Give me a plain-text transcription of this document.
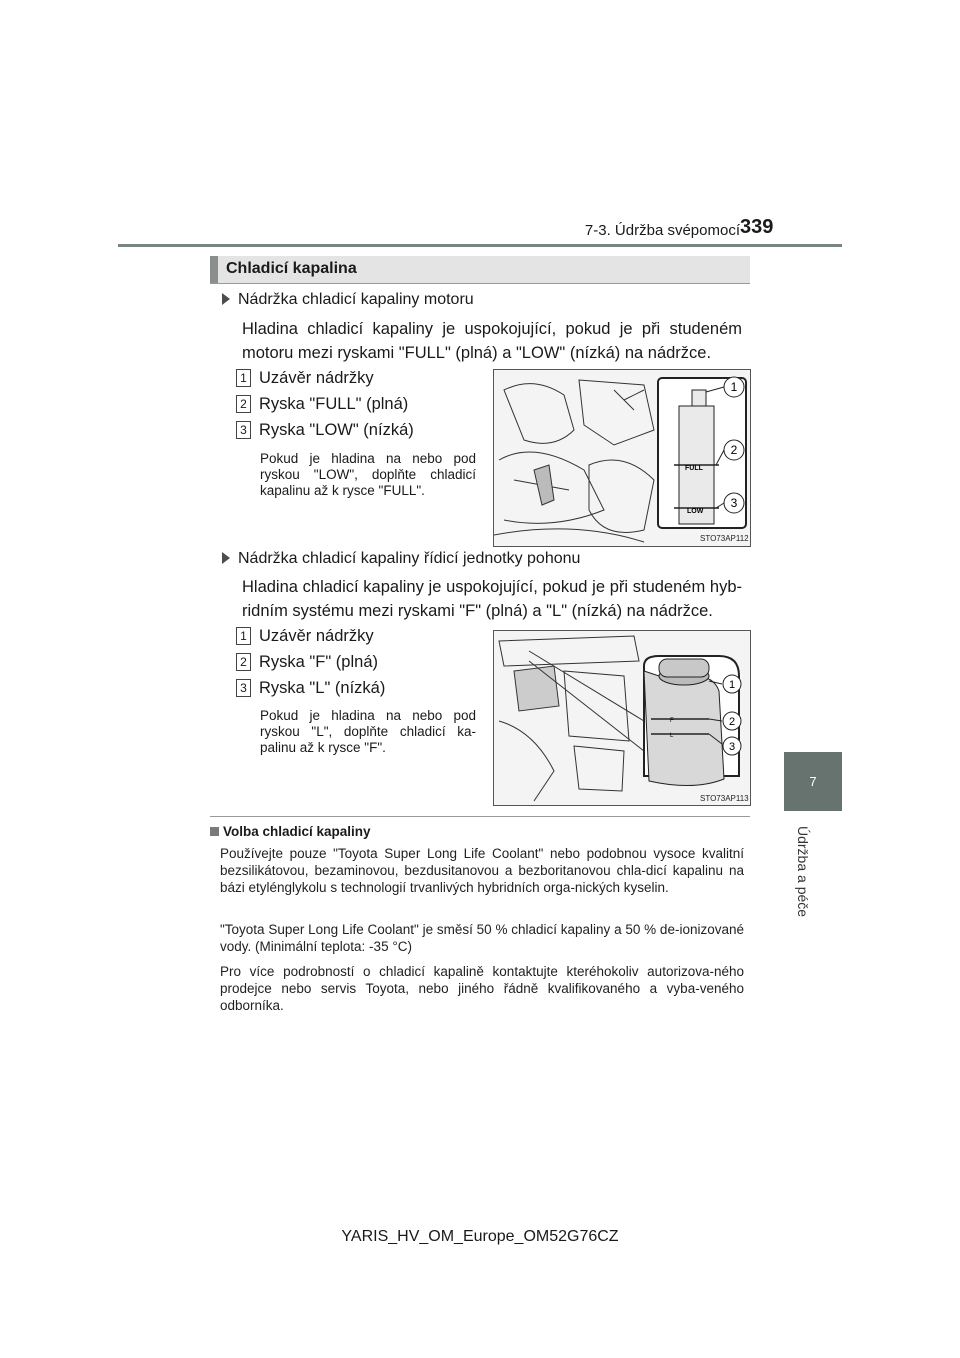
7-3. Údržba svépomocí 339
7
Údržba a péče
Chladicí kapalina
Nádržka chladicí kapaliny motoru
Hladina chladicí kapaliny je uspokojující, pokud je při studeném motoru mezi ryskami "FULL" (plná) a "LOW" (nízká) na nádržce.
1 Uzávěr nádržky
2 Ryska "FULL" (plná)
3 Ryska "LOW" (nízká)
Pokud je hladina na nebo pod ryskou "LOW", doplňte chladicí kapalinu až k rysce "FULL".
FULL
LOW
1
2
3
STO73AP112
Nádržka chladicí kapaliny řídicí jednotky pohonu
Hladina chladicí kapaliny je uspokojující, pokud je při studeném hyb-ridním systému mezi ryskami "F" (plná) a "L" (nízká) na nádržce.
1 Uzávěr nádržky
2 Ryska "F" (plná)
3 Ryska "L" (nízká)
Pokud je hladina na nebo pod ryskou "L", doplňte chladicí ka-palinu až k rysce "F".
F
L
1
2
3
STO73AP113
Volba chladicí kapaliny
Používejte pouze "Toyota Super Long Life Coolant" nebo podobnou vysoce kvalitní bezsilikátovou, bezaminovou, bezdusitanovou a bezboritanovou chla-dicí kapalinu na bázi etylénglykolu s technologií trvanlivých hybridních orga-nických kyselin.
"Toyota Super Long Life Coolant" je směsí 50 % chladicí kapaliny a 50 % de-ionizované vody. (Minimální teplota: -35 °C)
Pro více podrobností o chladicí kapalině kontaktujte kteréhokoliv autorizova-ného prodejce nebo servis Toyota, nebo jiného řádně kvalifikovaného a vyba-veného odborníka.
YARIS_HV_OM_Europe_OM52G76CZ
